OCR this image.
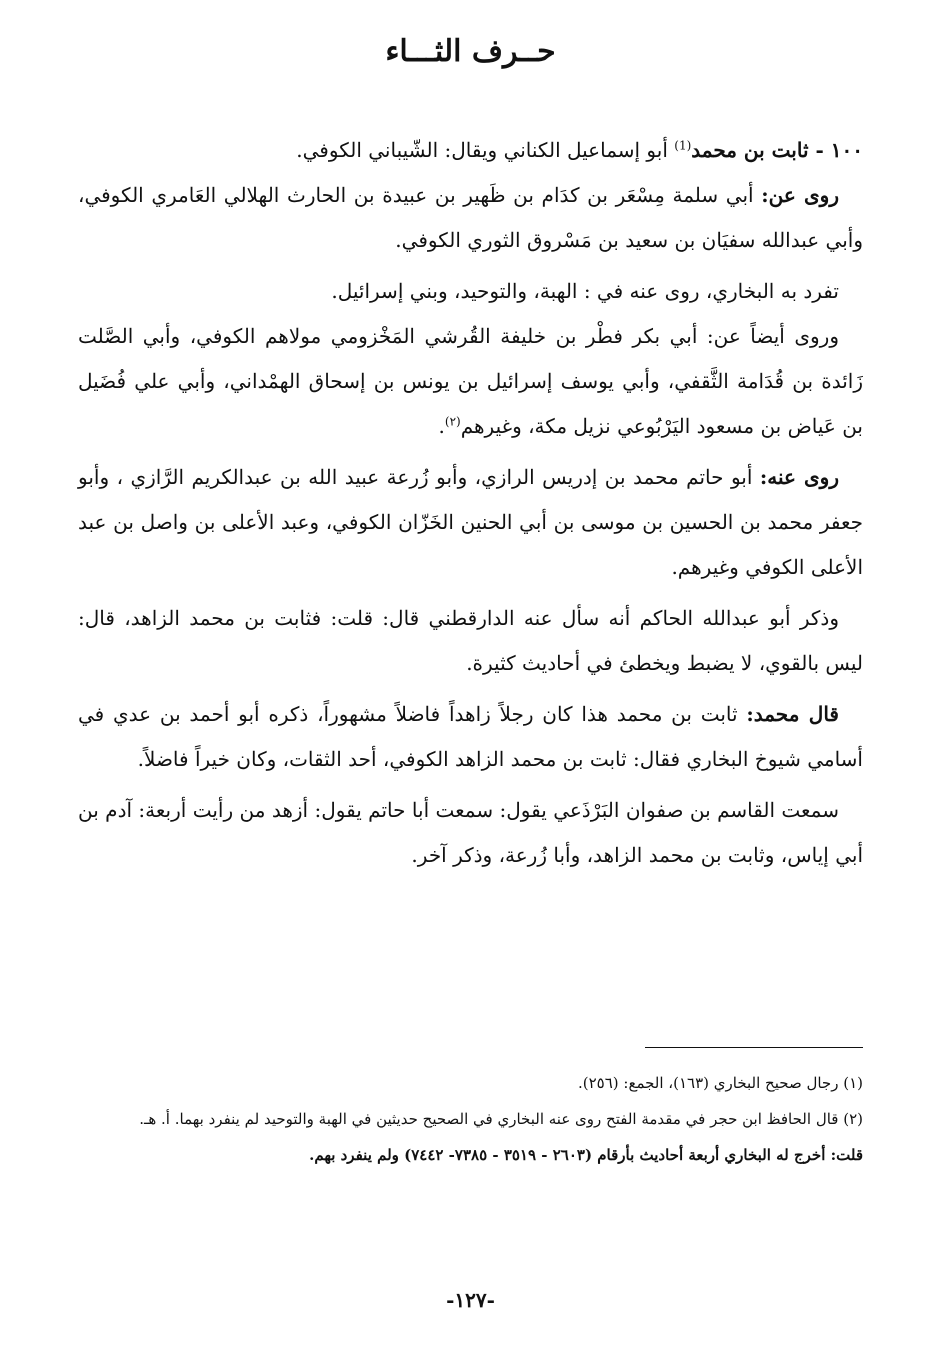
حــرف الثـــاء

١٠٠ - ثابت بن محمد$^{(1)}$ أبو إسماعيل الكناني ويقال: الشّيباني الكوفي.

روى عن: أبي سلمة مِسْعَر بن كدَام بن ظَهير بن عبيدة بن الحارث الهلالي العَامري الكوفي، وأبي عبدالله سفيَان بن سعيد بن مَسْروق الثوري الكوفي.

تفرد به البخاري، روى عنه في : الهبة، والتوحيد، وبني إسرائيل.

وروى أيضاً عن: أبي بكر فطْر بن خليفة القُرشي المَخْزومي مولاهم الكوفي، وأبي الصَّلت زَائدة بن قُدَامة الثَّقفي، وأبي يوسف إسرائيل بن يونس بن إسحاق الهمْداني، وأبي علي فُضَيل بن عَياض بن مسعود اليَرْبُوعي نزيل مكة، وغيرهم$^{(٢)}$.

روى عنه: أبو حاتم محمد بن إدريس الرازي، وأبو زُرعة عبيد الله بن عبدالكريم الرَّازي ، وأبو جعفر محمد بن الحسين بن موسى بن أبي الحنين الخَزّان الكوفي، وعبد الأعلى بن واصل بن عبد الأعلى الكوفي وغيرهم.

وذكر أبو عبدالله الحاكم أنه سأل عنه الدارقطني قال: قلت: فثابت بن محمد الزاهد، قال: ليس بالقوي، لا يضبط ويخطئ في أحاديث كثيرة.

قال محمد: ثابت بن محمد هذا كان رجلاً زاهداً فاضلاً مشهوراً، ذكره أبو أحمد بن عدي في أسامي شيوخ البخاري فقال: ثابت بن محمد الزاهد الكوفي، أحد الثقات، وكان خيراً فاضلاً.

سمعت القاسم بن صفوان البَرْذَعي يقول: سمعت أبا حاتم يقول: أزهد من رأيت أربعة: آدم بن أبي إياس، وثابت بن محمد الزاهد، وأبا زُرعة، وذكر آخر.

(١) رجال صحيح البخاري (١٦٣)، الجمع: (٢٥٦).

(٢) قال الحافظ ابن حجر في مقدمة الفتح روى عنه البخاري في الصحيح حديثين في الهبة والتوحيد لم ينفرد بهما. أ. هـ.

قلت: أخرج له البخاري أربعة أحاديث بأرقام (٢٦٠٣ - ٣٥١٩ - ٧٣٨٥- ٧٤٤٢) ولم ينفرد بهم.

-١٢٧-
